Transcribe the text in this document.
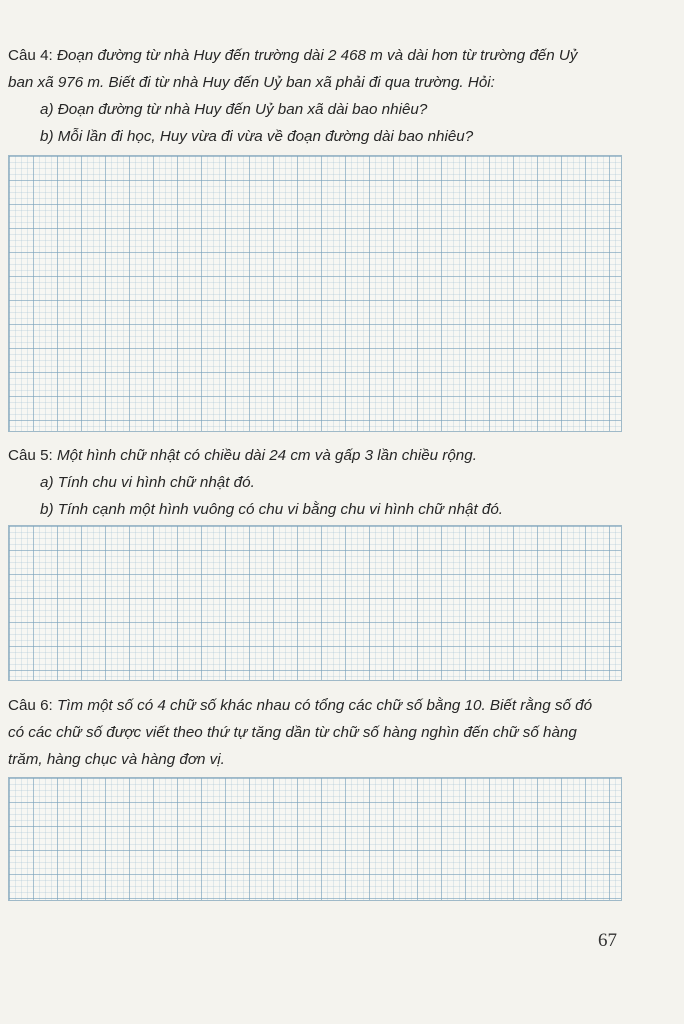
Câu 4: Đoạn đường từ nhà Huy đến trường dài 2 468 m và dài hơn từ trường đến Uỷ
ban xã 976 m. Biết đi từ nhà Huy đến Uỷ ban xã phải đi qua trường. Hỏi:
a) Đoạn đường từ nhà Huy đến Uỷ ban xã dài bao nhiêu?
b) Mỗi lần đi học, Huy vừa đi vừa về đoạn đường dài bao nhiêu?
Câu 5: Một hình chữ nhật có chiều dài 24 cm và gấp 3 lần chiều rộng.
a) Tính chu vi hình chữ nhật đó.
b) Tính cạnh một hình vuông có chu vi bằng chu vi hình chữ nhật đó.
Câu 6: Tìm một số có 4 chữ số khác nhau có tổng các chữ số bằng 10. Biết rằng số đó
có các chữ số được viết theo thứ tự tăng dần từ chữ số hàng nghìn đến chữ số hàng
trăm, hàng chục và hàng đơn vị.
67
